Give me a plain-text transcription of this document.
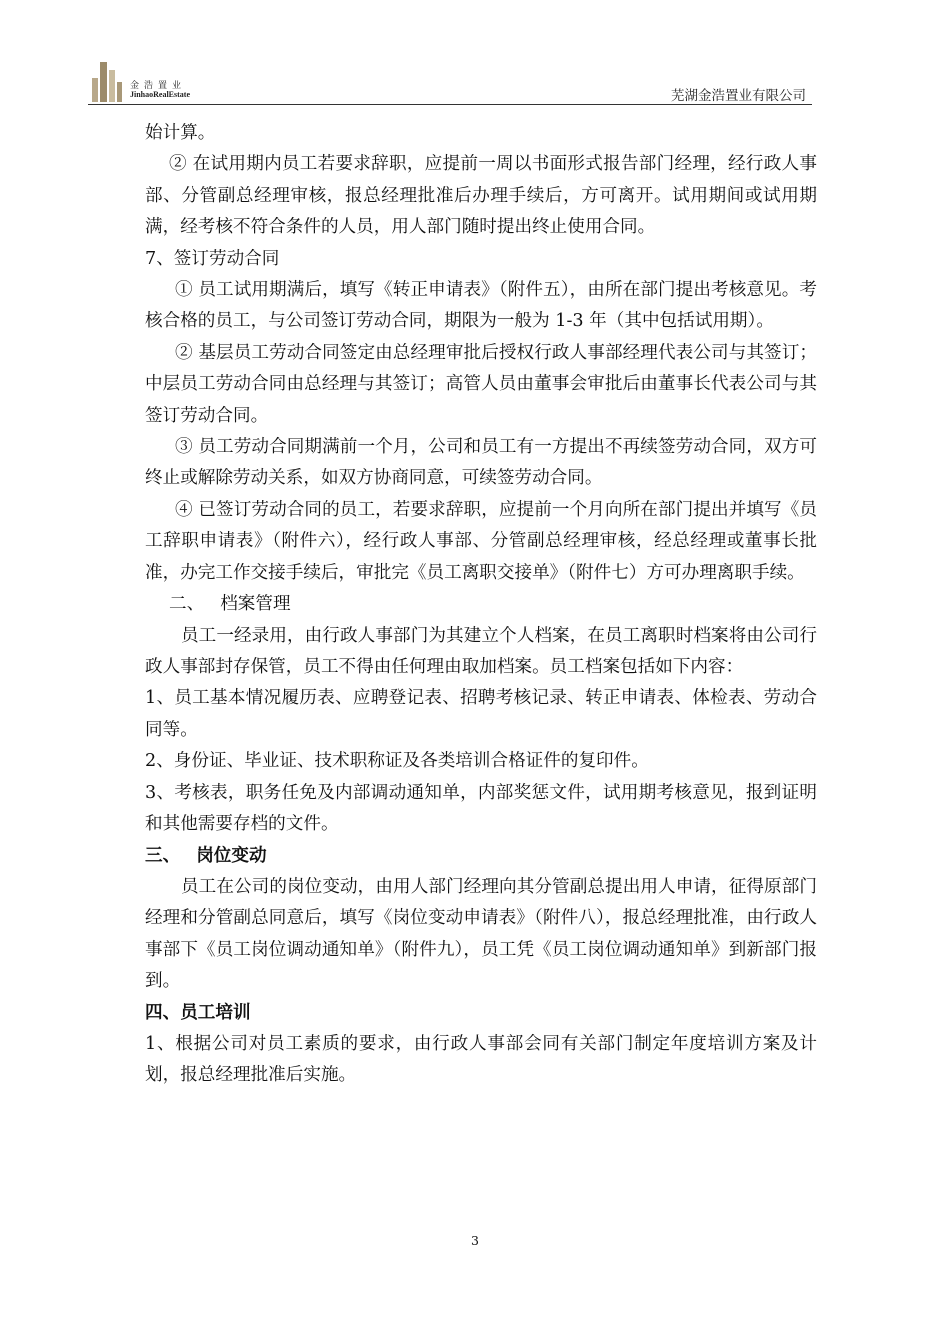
金浩置业
JinhaoRealEstate	芜湖金浩置业有限公司

始计算。

② 在试用期内员工若要求辞职，应提前一周以书面形式报告部门经理，经行政人事部、分管副总经理审核，报总经理批准后办理手续后，方可离开。试用期间或试用期满，经考核不符合条件的人员，用人部门随时提出终止使用合同。

7、签订劳动合同

① 员工试用期满后，填写《转正申请表》（附件五），由所在部门提出考核意见。考核合格的员工，与公司签订劳动合同，期限为一般为 1-3 年（其中包括试用期）。

② 基层员工劳动合同签定由总经理审批后授权行政人事部经理代表公司与其签订；中层员工劳动合同由总经理与其签订；高管人员由董事会审批后由董事长代表公司与其签订劳动合同。

③ 员工劳动合同期满前一个月，公司和员工有一方提出不再续签劳动合同，双方可终止或解除劳动关系，如双方协商同意，可续签劳动合同。

④ 已签订劳动合同的员工，若要求辞职，应提前一个月向所在部门提出并填写《员工辞职申请表》（附件六），经行政人事部、分管副总经理审核，经总经理或董事长批准，办完工作交接手续后，审批完《员工离职交接单》（附件七）方可办理离职手续。

二、 档案管理

员工一经录用，由行政人事部门为其建立个人档案，在员工离职时档案将由公司行政人事部封存保管，员工不得由任何理由取加档案。员工档案包括如下内容：

1、员工基本情况履历表、应聘登记表、招聘考核记录、转正申请表、体检表、劳动合同等。

2、身份证、毕业证、技术职称证及各类培训合格证件的复印件。

3、考核表，职务任免及内部调动通知单，内部奖惩文件，试用期考核意见，报到证明和其他需要存档的文件。

三、 岗位变动

员工在公司的岗位变动，由用人部门经理向其分管副总提出用人申请，征得原部门经理和分管副总同意后，填写《岗位变动申请表》（附件八），报总经理批准，由行政人事部下《员工岗位调动通知单》（附件九），员工凭《员工岗位调动通知单》到新部门报到。

四、员工培训

1、根据公司对员工素质的要求，由行政人事部会同有关部门制定年度培训方案及计划，报总经理批准后实施。

3
